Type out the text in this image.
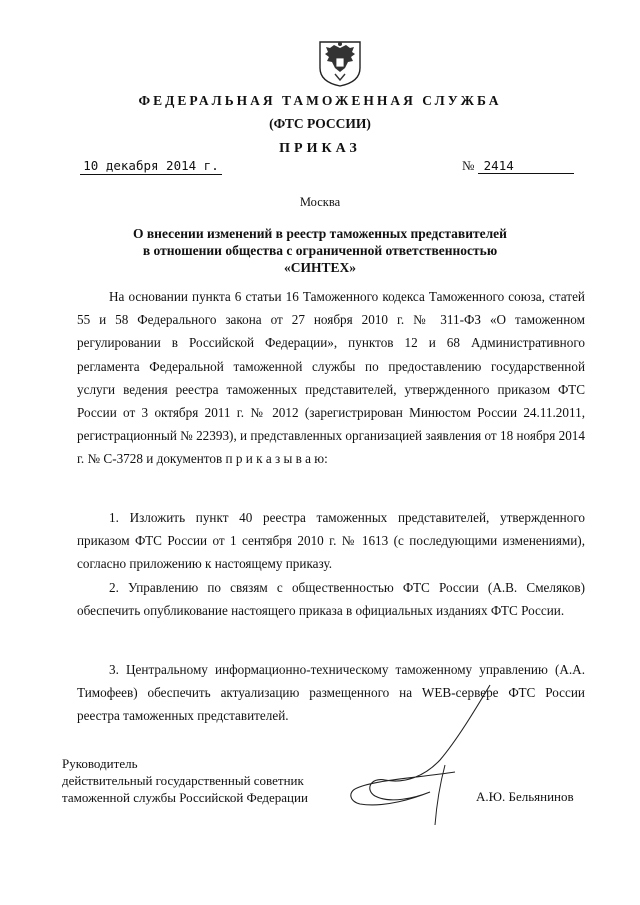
ФЕДЕРАЛЬНАЯ ТАМОЖЕННАЯ СЛУЖБА
(ФТС РОССИИ)
ПРИКАЗ
10 декабря 2014 г.	№ 2414
Москва
О внесении изменений в реестр таможенных представителей
в отношении общества с ограниченной ответственностью
«СИНТЕХ»

На основании пункта 6 статьи 16 Таможенного кодекса Таможенного союза, статей 55 и 58 Федерального закона от 27 ноября 2010 г. № 311-ФЗ «О таможенном регулировании в Российской Федерации», пунктов 12 и 68 Административного регламента Федеральной таможенной службы по предоставлению государственной услуги ведения реестра таможенных представителей, утвержденного приказом ФТС России от 3 октября 2011 г. № 2012 (зарегистрирован Минюстом России 24.11.2011, регистрационный № 22393), и представленных организацией заявления от 18 ноября 2014 г. № С-3728 и документов п р и к а з ы в а ю:

1. Изложить пункт 40 реестра таможенных представителей, утвержденного приказом ФТС России от 1 сентября 2010 г. № 1613 (с последующими изменениями), согласно приложению к настоящему приказу.

2. Управлению по связям с общественностью ФТС России (А.В. Смеляков) обеспечить опубликование настоящего приказа в официальных изданиях ФТС России.

3. Центральному информационно-техническому таможенному управлению (А.А. Тимофеев) обеспечить актуализацию размещенного на WEB-сервере ФТС России реестра таможенных представителей.

Руководитель
действительный государственный советник
таможенной службы Российской Федерации	А.Ю. Бельянинов
